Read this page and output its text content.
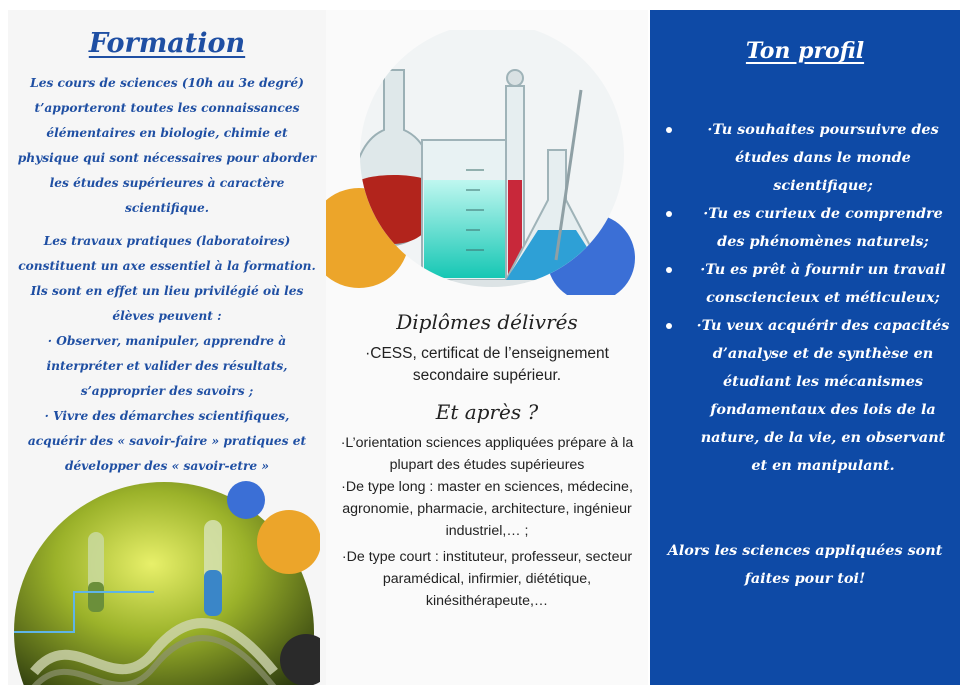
Formation

Les cours de sciences (10h au 3e degré) t’apporteront toutes les connaissances élémentaires en biologie, chimie et physique qui sont nécessaires pour aborder les études supérieures à caractère scientifique.

Les travaux pratiques (laboratoires) constituent un axe essentiel à la formation. Ils sont en effet un lieu privilégié où les élèves peuvent :

· Observer, manipuler, apprendre à interpréter et valider des résultats, s’approprier des savoirs ;

· Vivre des démarches scientifiques, acquérir des « savoir-faire » pratiques et développer des « savoir-etre »

Diplômes délivrés

·CESS, certificat de l’enseignement secondaire supérieur.

Et après ?

·L’orientation sciences appliquées prépare à la plupart des études supérieures

·De type long : master en sciences, médecine, agronomie, pharmacie, architecture, ingénieur industriel,… ;

·De type court : instituteur, professeur, secteur paramédical, infirmier, diététique, kinésithérapeute,…

Ton profil
·Tu souhaites poursuivre des études dans le monde scientifique;
·Tu es curieux de comprendre des phénomènes naturels;
·Tu es prêt à fournir un travail consciencieux et méticuleux;
·Tu veux acquérir des capacités d’analyse et de synthèse en étudiant les mécanismes fondamentaux des lois de la nature, de la vie, en observant et en manipulant.

Alors les sciences appliquées sont faites pour toi!
